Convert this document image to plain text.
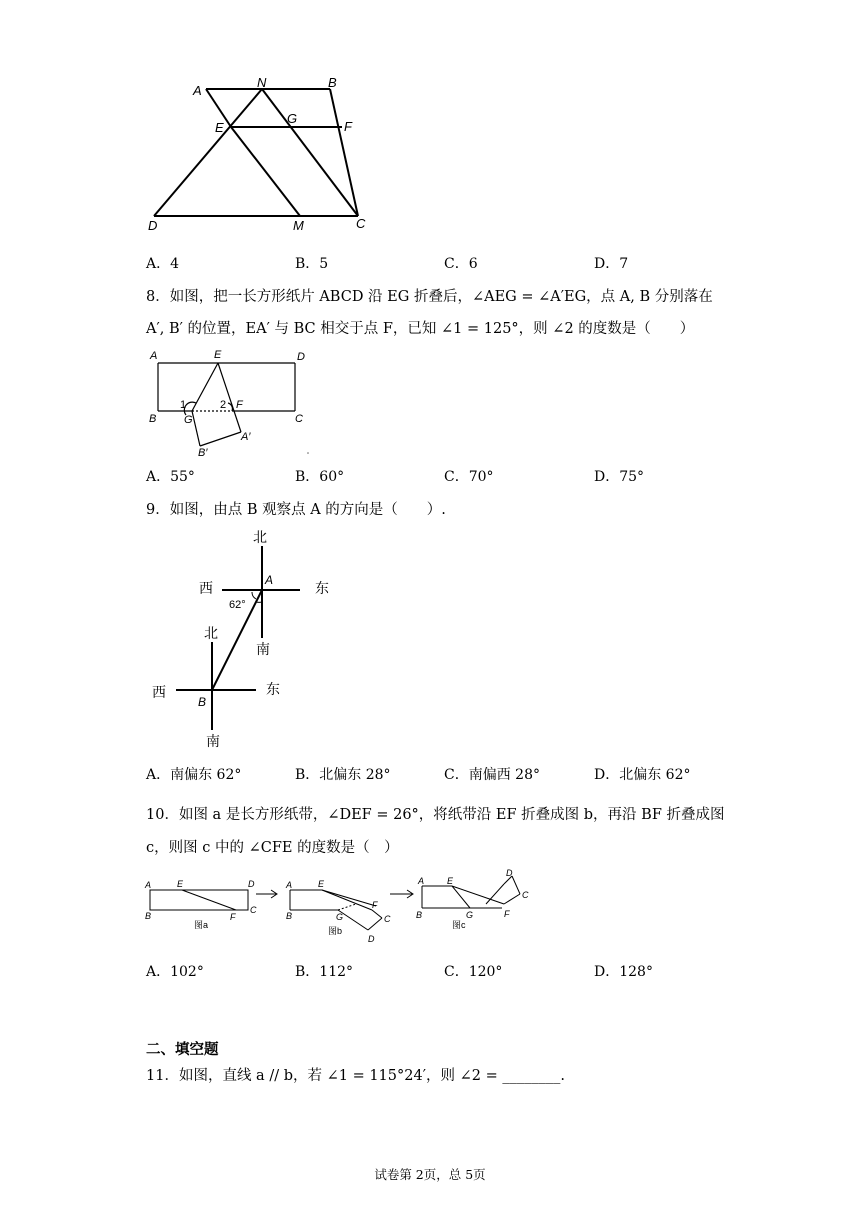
A
N	B
E
G
F
D	M	C
A．4	B．5	C．6	D．7
8．如图，把一长方形纸片 ABCD 沿 EG 折叠后，∠AEG = ∠A′EG，点 A, B 分别落在
A′, B′ 的位置，EA′ 与 BC 相交于点 F，已知 ∠1 = 125°，则 ∠2 的度数是（　　）
A	E	D
B	G
F
C
B′
A′
1	2
A．55°	B．60°	C．70°	D．75°
9．如图，由点 B 观察点 A 的方向是（　　）.
北
西	东
南
北
西	东
南
A
B
62°
A．南偏东 62°	B．北偏东 28°	C．南偏西 28°	D．北偏东 62°
10．如图 a 是长方形纸带，∠DEF = 26°，将纸带沿 EF 折叠成图 b，再沿 BF 折叠成图
c，则图 c 中的 ∠CFE 的度数是（　）
A	E	D
B	F
C
A	E
B	G
F
C
D
A	E
B	G	F
C
D
图a
图b
图c
A．102°	B．112°	C．120°	D．128°
二、填空题
11．如图，直线 a // b，若 ∠1 = 115°24′，则 ∠2 = ________.
试卷第 2页，总 5页
